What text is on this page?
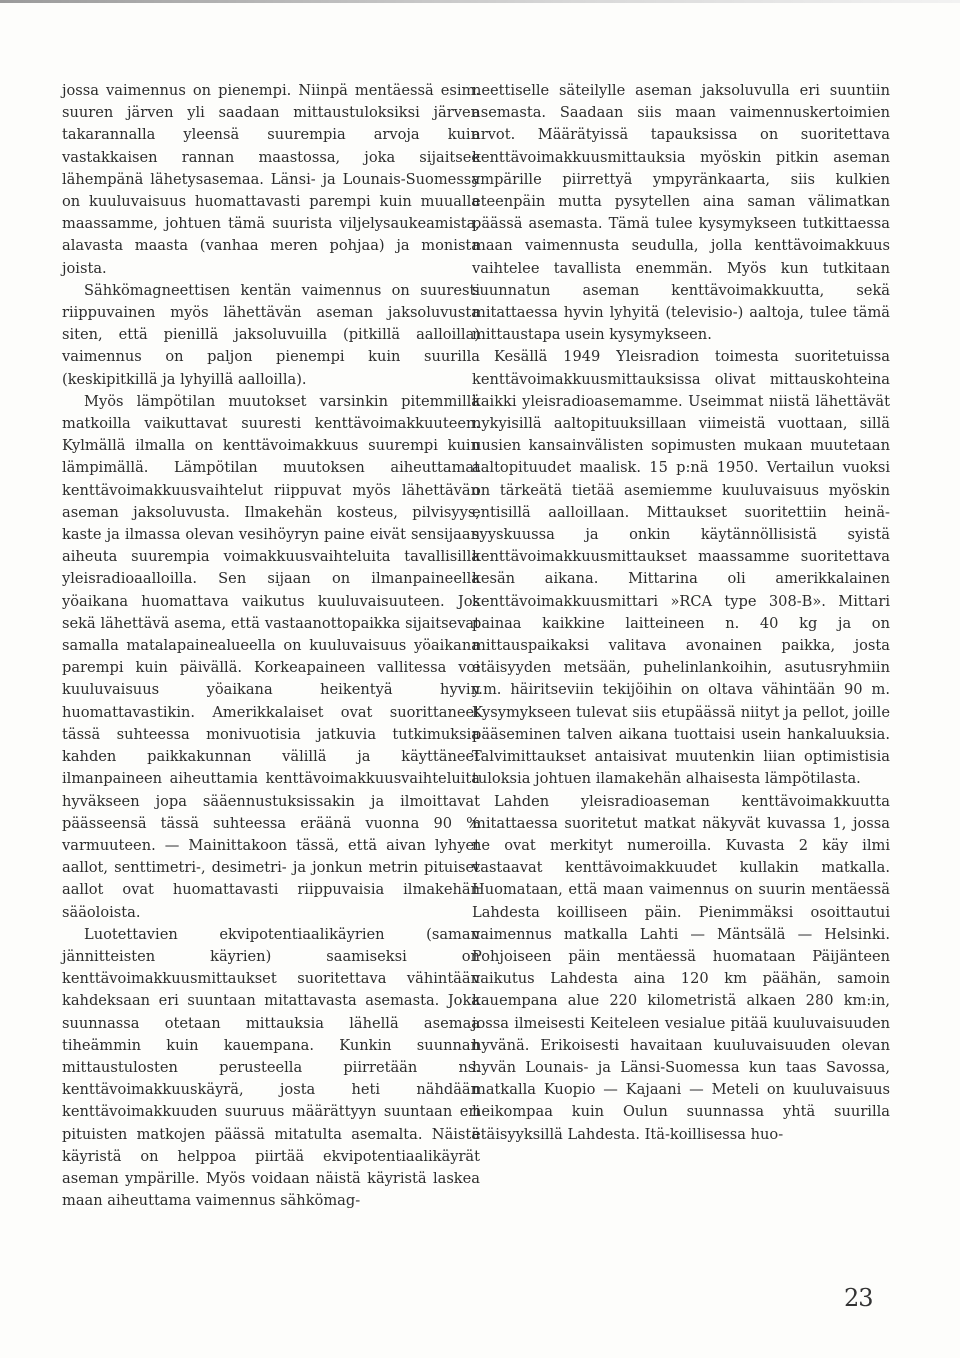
jossa vaimennus on pienempi. Niinpä mentäessä esim. suuren järven yli saadaan mittaustuloksiksi järven takarannalla yleensä suurempia arvoja kuin vastakkaisen rannan maastossa, joka sijaitsee lähempänä lähetysasemaa. Länsi- ja Lounais-Suomessa on kuuluvaisuus huomattavasti parempi kuin muualla maassamme, johtuen tämä suurista viljelysaukeamista, alavasta maasta (vanhaa meren pohjaa) ja monista joista.

Sähkömagneettisen kentän vaimennus on suuresti riippuvainen myös lähettävän aseman jaksoluvusta siten, että pienillä jaksoluvuilla (pitkillä aalloilla) vaimennus on paljon pienempi kuin suurilla (keskipitkillä ja lyhyillä aalloilla).

Myös lämpötilan muutokset varsinkin pitemmillä matkoilla vaikuttavat suuresti kenttävoimakkuuteen. Kylmällä ilmalla on kenttävoimakkuus suurempi kuin lämpimällä. Lämpötilan muutoksen aiheuttamat kenttävoimakkuusvaihtelut riippuvat myös lähettävän aseman jaksoluvusta. Ilmakehän kosteus, pilvisyys, kaste ja ilmassa olevan vesihöyryn paine eivät sensijaan aiheuta suurempia voimakkuusvaihteluita tavallisilla yleisradioaalloilla. Sen sijaan on ilmanpaineella yöaikana huomattava vaikutus kuuluvaisuuteen. Jos sekä lähettävä asema, että vastaanottopaikka sijaitsevat samalla matalapainealueella on kuuluvaisuus yöaikana parempi kuin päivällä. Korkeapaineen vallitessa voi kuuluvaisuus yöaikana heikentyä hyvin huomattavastikin. Amerikkalaiset ovat suorittaneet tässä suhteessa monivuotisia jatkuvia tutkimuksia kahden paikkakunnan välillä ja käyttäneet ilmanpaineen aiheuttamia kenttävoimakkuusvaihteluita hyväkseen jopa sääennustuksissakin ja ilmoittavat päässeensä tässä suhteessa eräänä vuonna 90 % varmuuteen. — Mainittakoon tässä, että aivan lyhyet aallot, senttimetri-, desimetri- ja jonkun metrin pituiset aallot ovat huomattavasti riippuvaisia ilmakehän sääoloista.

Luotettavien ekvipotentiaalikäyrien (saman jännitteisten käyrien) saamiseksi on kenttävoimakkuusmittaukset suoritettava vähintään kahdeksaan eri suuntaan mitattavasta asemasta. Joka suunnassa otetaan mittauksia lähellä asemaa tiheämmin kuin kauempana. Kunkin suunnan mittaustulosten perusteella piirretään ns. kenttävoimakkuuskäyrä, josta heti nähdään kenttävoimakkuuden suuruus määrättyyn suuntaan eri pituisten matkojen päässä mitatulta asemalta. Näistä käyristä on helppoa piirtää ekvipotentiaalikäyrät aseman ympärille. Myös voidaan näistä käyristä laskea maan aiheuttama vaimennus sähkömag-

neettiselle säteilylle aseman jaksoluvulla eri suuntiin asemasta. Saadaan siis maan vaimennuskertoimien arvot. Määrätyissä tapauksissa on suoritettava kenttävoimakkuusmittauksia myöskin pitkin aseman ympärille piirrettyä ympyränkaarta, siis kulkien eteenpäin mutta pysytellen aina saman välimatkan päässä asemasta. Tämä tulee kysymykseen tutkittaessa maan vaimennusta seudulla, jolla kenttävoimakkuus vaihtelee tavallista enemmän. Myös kun tutkitaan suunnatun aseman kenttävoimakkuutta, sekä mitattaessa hyvin lyhyitä (televisio-) aaltoja, tulee tämä mittaustapa usein kysymykseen.

Kesällä 1949 Yleisradion toimesta suoritetuissa kenttävoimakkuusmittauksissa olivat mittauskohteina kaikki yleisradioasemamme. Useimmat niistä lähettävät nykyisillä aaltopituuksillaan viimeistä vuottaan, sillä uusien kansainvälisten sopimusten mukaan muutetaan aaltopituudet maalisk. 15 p:nä 1950. Vertailun vuoksi on tärkeätä tietää asemiemme kuuluvaisuus myöskin entisillä aalloillaan. Mittaukset suoritettiin heinä-syyskuussa ja onkin käytännöllisistä syistä kenttävoimakkuusmittaukset maassamme suoritettava kesän aikana. Mittarina oli amerikkalainen kenttävoimakkuusmittari »RCA type 308-B». Mittari painaa kaikkine laitteineen n. 40 kg ja on mittauspaikaksi valitava avonainen paikka, josta etäisyyden metsään, puhelinlankoihin, asutusryhmiin y.m. häiritseviin tekijöihin on oltava vähintään 90 m. Kysymykseen tulevat siis etupäässä niityt ja pellot, joille pääseminen talven aikana tuottaisi usein hankaluuksia. Talvimittaukset antaisivat muutenkin liian optimistisia tuloksia johtuen ilamakehän alhaisesta lämpötilasta.

Lahden yleisradioaseman kenttävoimakkuutta mitattaessa suoritetut matkat näkyvät kuvassa 1, jossa ne ovat merkityt numeroilla. Kuvasta 2 käy ilmi vastaavat kenttävoimakkuudet kullakin matkalla. Huomataan, että maan vaimennus on suurin mentäessä Lahdesta koilliseen päin. Pienimmäksi osoittautui vaimennus matkalla Lahti — Mäntsälä — Helsinki. Pohjoiseen päin mentäessä huomataan Päijänteen vaikutus Lahdesta aina 120 km päähän, samoin kauempana alue 220 kilometristä alkaen 280 km:in, jossa ilmeisesti Keiteleen vesialue pitää kuuluvaisuuden hyvänä. Erikoisesti havaitaan kuuluvaisuuden olevan hyvän Lounais- ja Länsi-Suomessa kun taas Savossa, matkalla Kuopio — Kajaani — Meteli on kuuluvaisuus heikompaa kuin Oulun suunnassa yhtä suurilla etäisyyksillä Lahdesta. Itä-koillisessa huo-

23
